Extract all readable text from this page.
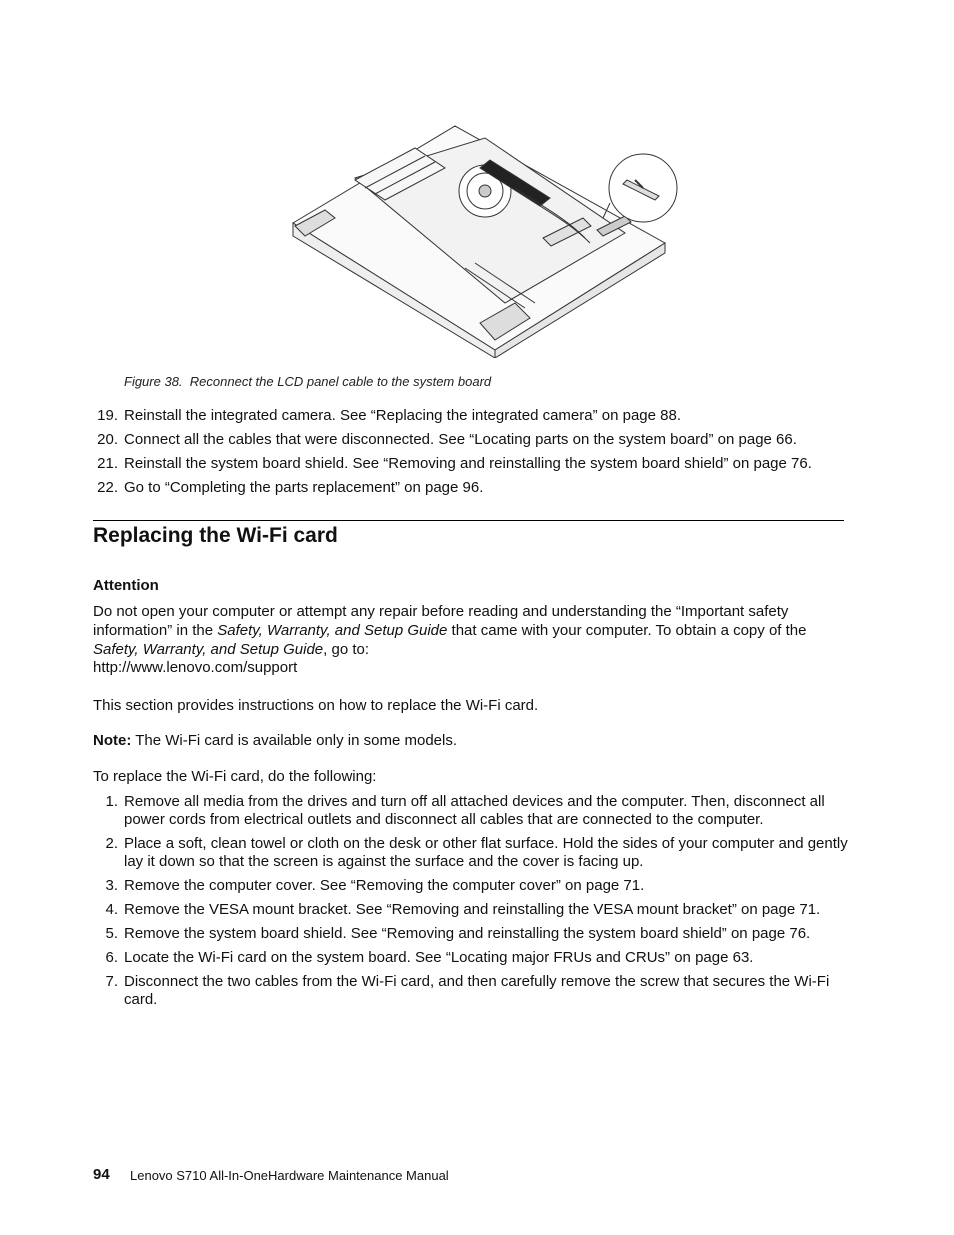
Figure 38. Reconnect the LCD panel cable to the system board
19. Reinstall the integrated camera. See “Replacing the integrated camera” on page 88.
20. Connect all the cables that were disconnected. See “Locating parts on the system board” on page 66.
21. Reinstall the system board shield. See “Removing and reinstalling the system board shield” on page 76.
22. Go to “Completing the parts replacement” on page 96.
Replacing the Wi-Fi card
Attention
Do not open your computer or attempt any repair before reading and understanding the “Important safety
information” in the Safety, Warranty, and Setup Guide that came with your computer. To obtain a copy of the
Safety, Warranty, and Setup Guide, go to:
http://www.lenovo.com/support
This section provides instructions on how to replace the Wi-Fi card.
Note: The Wi-Fi card is available only in some models.
To replace the Wi-Fi card, do the following:
1. Remove all media from the drives and turn off all attached devices and the computer. Then, disconnect all power cords from electrical outlets and disconnect all cables that are connected to the computer.
2. Place a soft, clean towel or cloth on the desk or other flat surface. Hold the sides of your computer and gently lay it down so that the screen is against the surface and the cover is facing up.
3. Remove the computer cover. See “Removing the computer cover” on page 71.
4. Remove the VESA mount bracket. See “Removing and reinstalling the VESA mount bracket” on page 71.
5. Remove the system board shield. See “Removing and reinstalling the system board shield” on page 76.
6. Locate the Wi-Fi card on the system board. See “Locating major FRUs and CRUs” on page 63.
7. Disconnect the two cables from the Wi-Fi card, and then carefully remove the screw that secures the Wi-Fi card.
94 Lenovo S710 All-In-OneHardware Maintenance Manual
